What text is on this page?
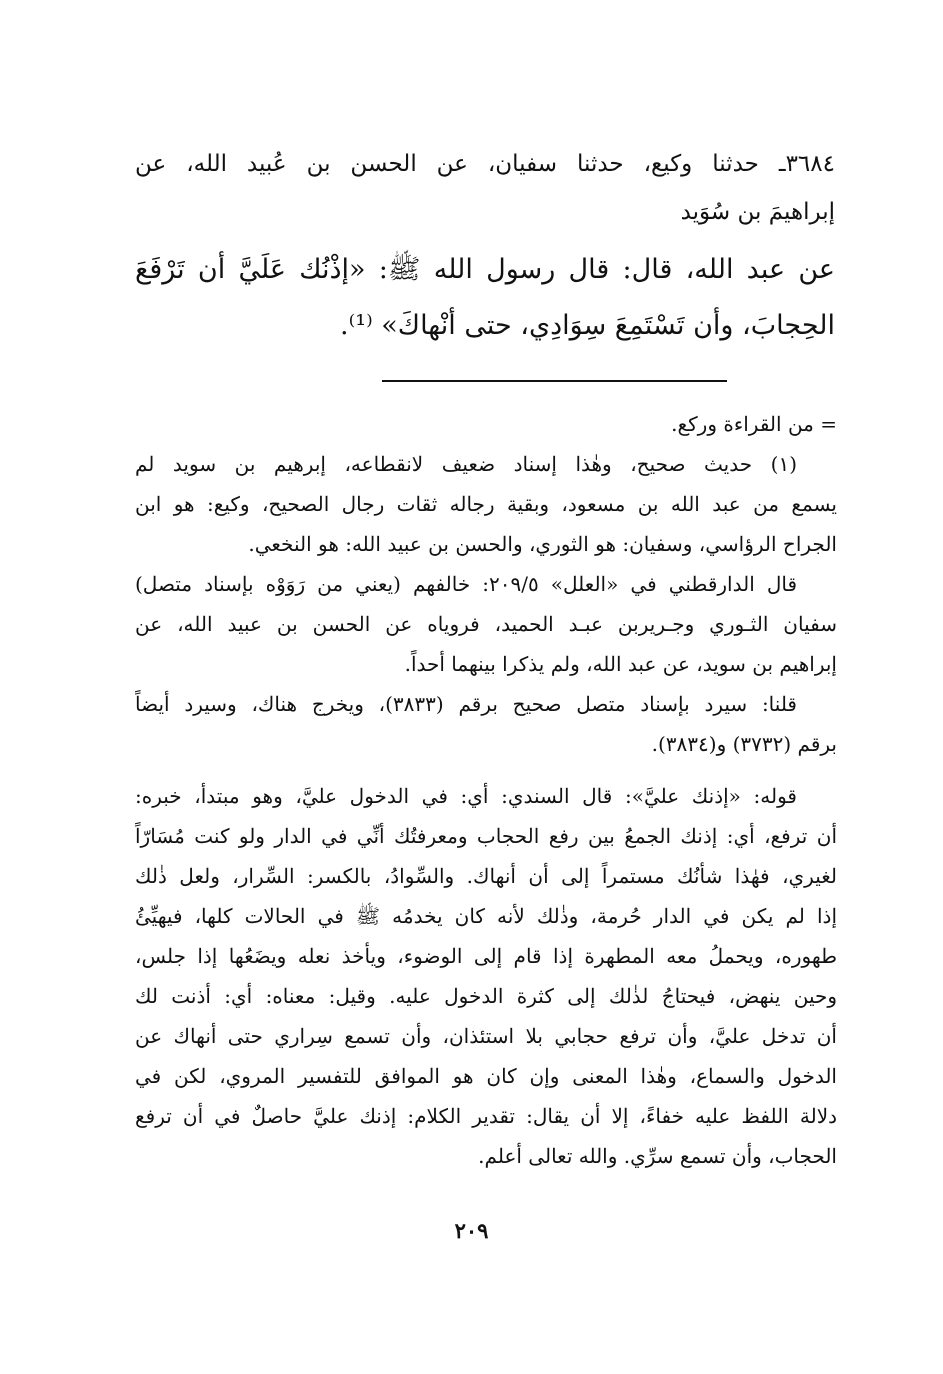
٣٦٨٤ـ حدثنا وكيع، حدثنا سفيان، عن الحسن بن عُبيد الله، عن
إبراهيمَ بن سُوَيد
عن عبد الله، قال: قال رسول الله ﷺ: «إذْنُك عَلَيَّ أن تَرْفَعَ
الحِجابَ، وأن تَسْتَمِعَ سِوَادِي، حتى أنْهاكَ» ⁽¹⁾.
= من القراءة وركع.
(١) حديث صحيح، وهٰذا إسناد ضعيف لانقطاعه، إبرهيم بن سويد لم
يسمع من عبد الله بن مسعود، وبقية رجاله ثقات رجال الصحيح، وكيع: هو ابن
الجراح الرؤاسي، وسفيان: هو الثوري، والحسن بن عبيد الله: هو النخعي.
قال الدارقطني في «العلل» ٢٠٩/٥: خالفهم (يعني من رَوَوْه بإسناد متصل)
سفيان الثـوري وجـريربن عبـد الحميد، فروياه عن الحسن بن عبيد الله، عن
إبراهيم بن سويد، عن عبد الله، ولم يذكرا بينهما أحداً.
قلنا: سيرد بإسناد متصل صحيح برقم (٣٨٣٣)، ويخرج هناك، وسيرد أيضاً
برقم (٣٧٣٢) و(٣٨٣٤).
قوله: «إذنك عليَّ»: قال السندي: أي: في الدخول عليَّ، وهو مبتدأ، خبره:
أن ترفع، أي: إذنك الجمعُ بين رفع الحجاب ومعرفتُك أنِّي في الدار ولو كنت مُسَارّاً
لغيري، فهٰذا شأنُك مستمراً إلى أن أنهاك. والسِّوادُ، بالكسر: السِّرار، ولعل ذٰلك
إذا لم يكن في الدار حُرمة، وذٰلك لأنه كان يخدمُه ﷺ في الحالات كلها، فيهيِّئُ
طهوره، ويحملُ معه المطهرة إذا قام إلى الوضوء، ويأخذ نعله ويضَعُها إذا جلس،
وحين ينهض، فيحتاجُ لذٰلك إلى كثرة الدخول عليه. وقيل: معناه: أي: أذنت لك
أن تدخل عليَّ، وأن ترفع حجابي بلا استئذان، وأن تسمع سِراري حتى أنهاك عن
الدخول والسماع، وهٰذا المعنى وإن كان هو الموافق للتفسير المروي، لكن في
دلالة اللفظ عليه خفاءً، إلا أن يقال: تقدير الكلام: إذنك عليَّ حاصلٌ في أن ترفع
الحجاب، وأن تسمع سرِّي. والله تعالى أعلم.
٢٠٩
